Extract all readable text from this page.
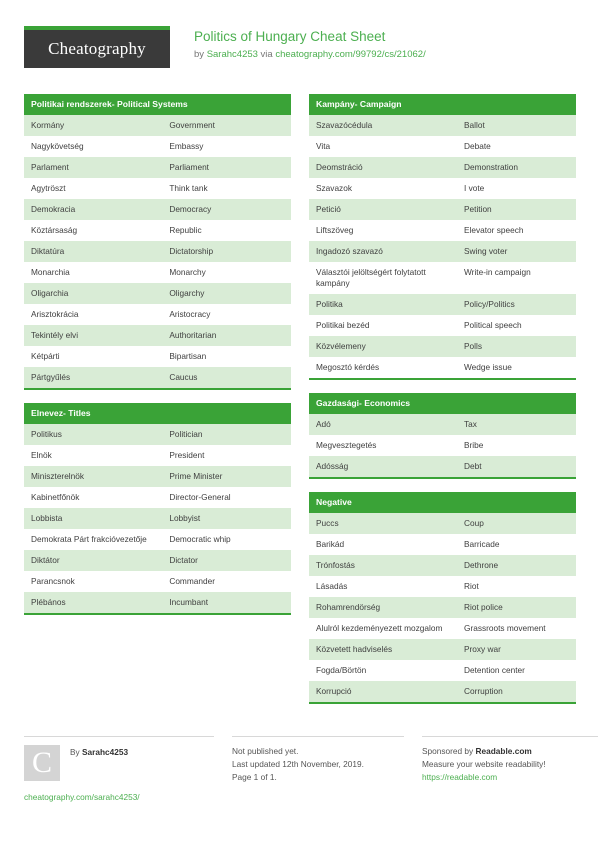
Cheatography
Politics of Hungary Cheat Sheet
by Sarahc4253 via cheatography.com/99792/cs/21062/
Politikai rendszerek- Political Systems
Kormány	Government
Nagykövetség	Embassy
Parlament	Parliament
Agytröszt	Think tank
Demokracia	Democracy
Köztársaság	Republic
Diktatúra	Dictatorship
Monarchia	Monarchy
Oligarchia	Oligarchy
Arisztokrácia	Aristocracy
Tekintély elvi	Authoritarian
Kétpárti	Bipartisan
Pártgyűlés	Caucus
Elnevez- Titles
Politikus	Politician
Elnök	President
Miniszterelnök	Prime Minister
Kabinetfőnök	Director-General
Lobbista	Lobbyist
Demokrata Párt frakcióvezetője	Democratic whip
Diktátor	Dictator
Parancsnok	Commander
Plébános	Incumbant
Kampány- Campaign
Szavazócédula	Ballot
Vita	Debate
Deomstráció	Demonstration
Szavazok	I vote
Petició	Petition
Liftszöveg	Elevator speech
Ingadozó szavazó	Swing voter
Választói jelöltségért folytatott kampány	Write-in campaign
Politika	Policy/Politics
Politikai bezéd	Political speech
Közvélemeny	Polls
Megosztó kérdés	Wedge issue
Gazdasági- Economics
Adó	Tax
Megvesztegetés	Bribe
Adósság	Debt
Negative
Puccs	Coup
Barikád	Barricade
Trónfostás	Dethrone
Lásadás	Riot
Rohamrendörség	Riot police
Alulról kezdeményezett mozgalom	Grassroots movement
Közvetett hadviselés	Proxy war
Fogda/Börtön	Detention center
Korrupció	Corruption
C	By Sarahc4253
cheatography.com/sarahc4253/
Not published yet.
Last updated 12th November, 2019.
Page 1 of 1.
Sponsored by Readable.com
Measure your website readability!
https://readable.com
